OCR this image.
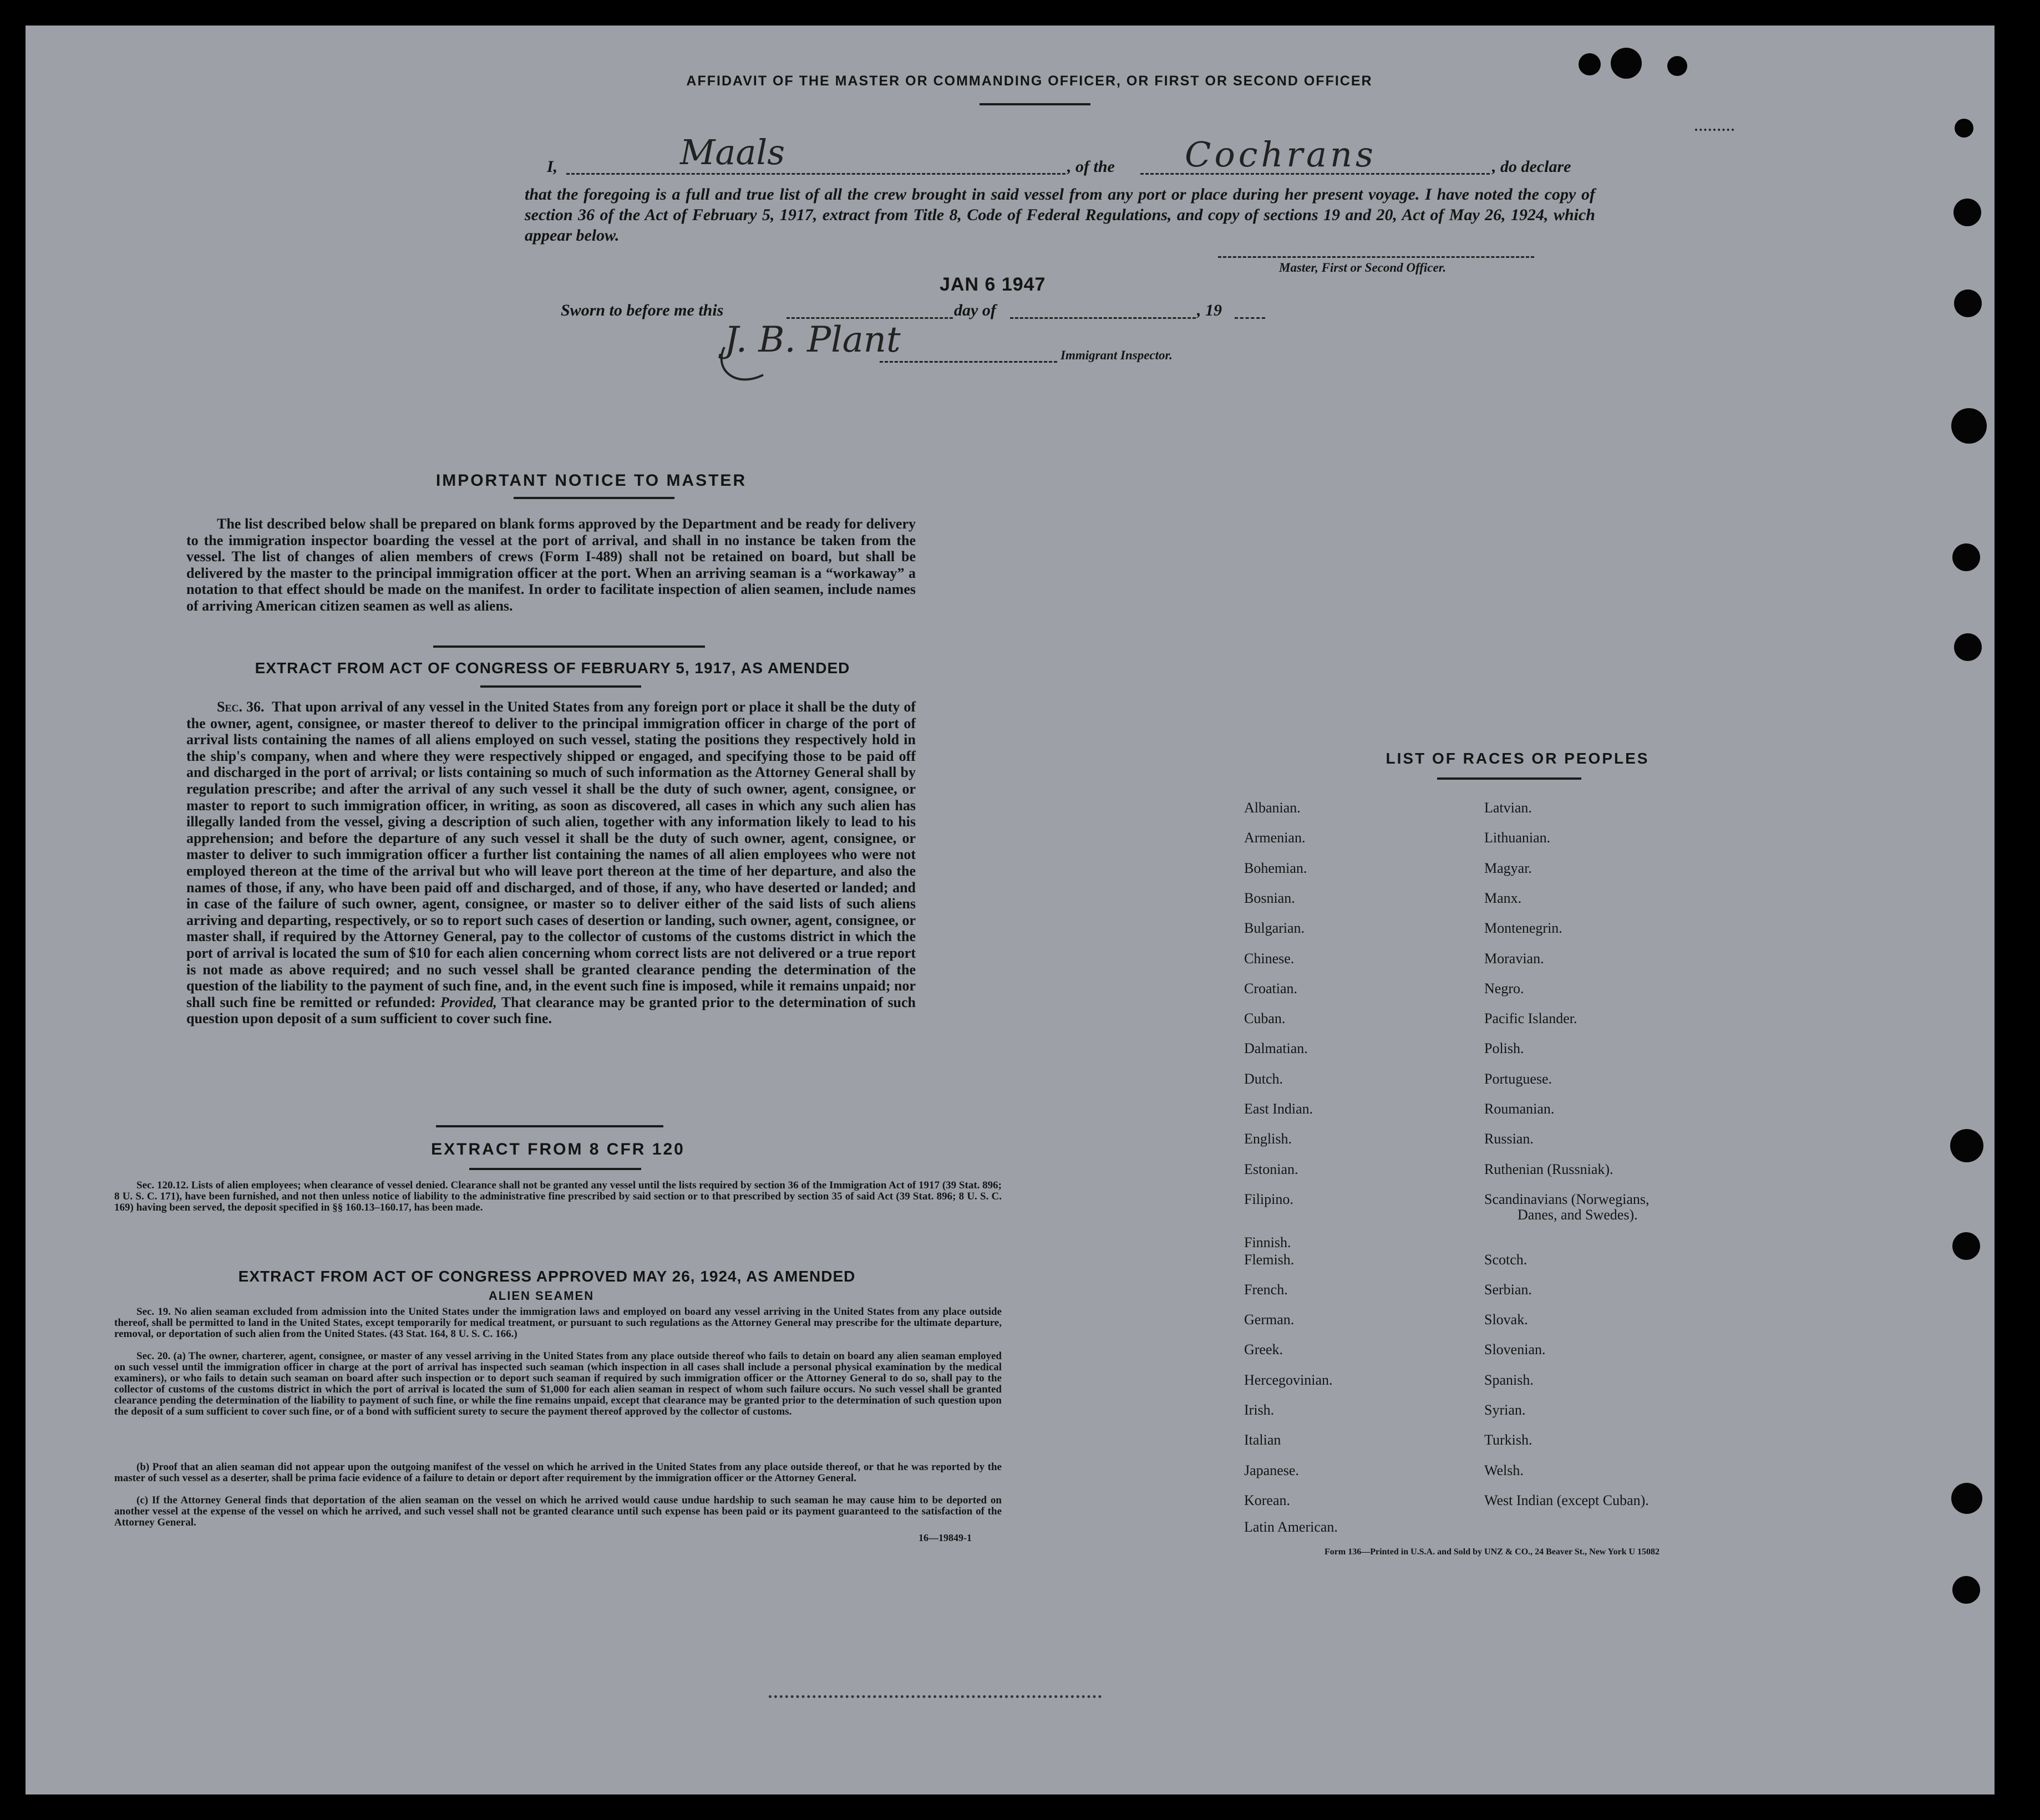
AFFIDAVIT OF THE MASTER OR COMMANDING OFFICER, OR FIRST OR SECOND OFFICER
I,	Maals	, of the Cochrans	, do declare
that the foregoing is a full and true list of all the crew brought in said vessel from any port or place during her present voyage. I have noted the copy of section 36 of the Act of February 5, 1917, extract from Title 8, Code of Federal Regulations, and copy of sections 19 and 20, Act of May 26, 1924, which appear below.
JAN 6 1947
Sworn to before me this	day of	, 19
Master, First or Second Officer.
J. B. Plant	Immigrant Inspector.
IMPORTANT NOTICE TO MASTER
The list described below shall be prepared on blank forms approved by the Department and be ready for delivery to the immigration inspector boarding the vessel at the port of arrival, and shall in no instance be taken from the vessel. The list of changes of alien members of crews (Form I-489) shall not be retained on board, but shall be delivered by the master to the principal immigration officer at the port. When an arriving seaman is a “workaway” a notation to that effect should be made on the manifest. In order to facilitate inspection of alien seamen, include names of arriving American citizen seamen as well as aliens.
EXTRACT FROM ACT OF CONGRESS OF FEBRUARY 5, 1917, AS AMENDED
Sec. 36. That upon arrival of any vessel in the United States from any foreign port or place it shall be the duty of the owner, agent, consignee, or master thereof to deliver to the principal immigration officer in charge of the port of arrival lists containing the names of all aliens employed on such vessel, stating the positions they respectively hold in the ship's company, when and where they were respectively shipped or engaged, and specifying those to be paid off and discharged in the port of arrival; or lists containing so much of such information as the Attorney General shall by regulation prescribe; and after the arrival of any such vessel it shall be the duty of such owner, agent, consignee, or master to report to such immigration officer, in writing, as soon as discovered, all cases in which any such alien has illegally landed from the vessel, giving a description of such alien, together with any information likely to lead to his apprehension; and before the departure of any such vessel it shall be the duty of such owner, agent, consignee, or master to deliver to such immigration officer a further list containing the names of all alien employees who were not employed thereon at the time of the arrival but who will leave port thereon at the time of her departure, and also the names of those, if any, who have been paid off and discharged, and of those, if any, who have deserted or landed; and in case of the failure of such owner, agent, consignee, or master so to deliver either of the said lists of such aliens arriving and departing, respectively, or so to report such cases of desertion or landing, such owner, agent, consignee, or master shall, if required by the Attorney General, pay to the collector of customs of the customs district in which the port of arrival is located the sum of $10 for each alien concerning whom correct lists are not delivered or a true report is not made as above required; and no such vessel shall be granted clearance pending the determination of the question of the liability to the payment of such fine, and, in the event such fine is imposed, while it remains unpaid; nor shall such fine be remitted or refunded: Provided, That clearance may be granted prior to the determination of such question upon deposit of a sum sufficient to cover such fine.
EXTRACT FROM 8 CFR 120
Sec. 120.12. Lists of alien employees; when clearance of vessel denied. Clearance shall not be granted any vessel until the lists required by section 36 of the Immigration Act of 1917 (39 Stat. 896; 8 U. S. C. 171), have been furnished, and not then unless notice of liability to the administrative fine prescribed by said section or to that prescribed by section 35 of said Act (39 Stat. 896; 8 U. S. C. 169) having been served, the deposit specified in §§ 160.13–160.17, has been made.
EXTRACT FROM ACT OF CONGRESS APPROVED MAY 26, 1924, AS AMENDED
ALIEN SEAMEN
Sec. 19. No alien seaman excluded from admission into the United States under the immigration laws and employed on board any vessel arriving in the United States from any place outside thereof, shall be permitted to land in the United States, except temporarily for medical treatment, or pursuant to such regulations as the Attorney General may prescribe for the ultimate departure, removal, or deportation of such alien from the United States. (43 Stat. 164, 8 U. S. C. 166.)
Sec. 20. (a) The owner, charterer, agent, consignee, or master of any vessel arriving in the United States from any place outside thereof who fails to detain on board any alien seaman employed on such vessel until the immigration officer in charge at the port of arrival has inspected such seaman (which inspection in all cases shall include a personal physical examination by the medical examiners), or who fails to detain such seaman on board after such inspection or to deport such seaman if required by such immigration officer or the Attorney General to do so, shall pay to the collector of customs of the customs district in which the port of arrival is located the sum of $1,000 for each alien seaman in respect of whom such failure occurs. No such vessel shall be granted clearance pending the determination of the liability to payment of such fine, or while the fine remains unpaid, except that clearance may be granted prior to the determination of such question upon the deposit of a sum sufficient to cover such fine, or of a bond with sufficient surety to secure the payment thereof approved by the collector of customs.
(b) Proof that an alien seaman did not appear upon the outgoing manifest of the vessel on which he arrived in the United States from any place outside thereof, or that he was reported by the master of such vessel as a deserter, shall be prima facie evidence of a failure to detain or deport after requirement by the immigration officer or the Attorney General.
(c) If the Attorney General finds that deportation of the alien seaman on the vessel on which he arrived would cause undue hardship to such seaman he may cause him to be deported on another vessel at the expense of the vessel on which he arrived, and such vessel shall not be granted clearance until such expense has been paid or its payment guaranteed to the satisfaction of the Attorney General.
16—19849-1
LIST OF RACES OR PEOPLES
Albanian.
Armenian.
Bohemian.
Bosnian.
Bulgarian.
Chinese.
Croatian.
Cuban.
Dalmatian.
Dutch.
East Indian.
English.
Estonian.
Filipino.
Finnish.
Flemish.
French.
German.
Greek.
Hercegovinian.
Irish.
Italian
Japanese.
Korean.
Latin American.
Latvian.
Lithuanian.
Magyar.
Manx.
Montenegrin.
Moravian.
Negro.
Pacific Islander.
Polish.
Portuguese.
Roumanian.
Russian.
Ruthenian (Russniak).
Scandinavians (Norwegians,
Danes, and Swedes).
Scotch.
Serbian.
Slovak.
Slovenian.
Spanish.
Syrian.
Turkish.
Welsh.
West Indian (except Cuban).
Form 136—Printed in U.S.A. and Sold by UNZ & CO., 24 Beaver St., New York U 15082
